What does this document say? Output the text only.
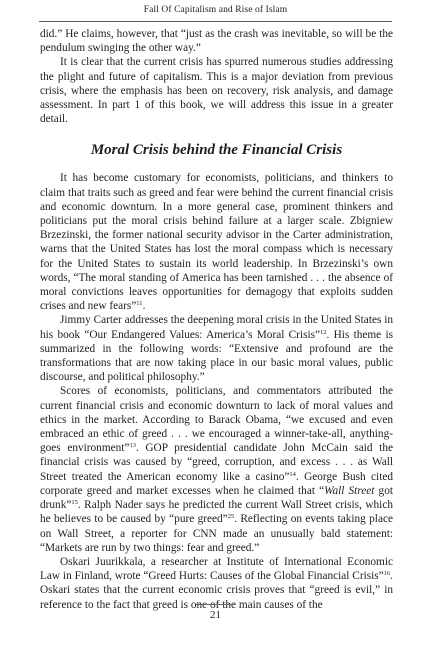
Fall Of Capitalism and Rise of Islam

did.” He claims, however, that “just as the crash was inevitable, so will be the pendulum swinging the other way.”

It is clear that the current crisis has spurred numerous studies addressing the plight and future of capitalism. This is a major deviation from previous crisis, where the emphasis has been on recovery, risk analysis, and damage assessment. In part 1 of this book, we will address this issue in a greater detail.

Moral Crisis behind the Financial Crisis

It has become customary for economists, politicians, and thinkers to claim that traits such as greed and fear were behind the current financial crisis and economic downturn. In a more general case, prominent thinkers and politicians put the moral crisis behind failure at a larger scale. Zbigniew Brzezinski, the former national security advisor in the Carter administration, warns that the United States has lost the moral compass which is necessary for the United States to sustain its world leadership. In Brzezinski’s own words, “The moral standing of America has been tarnished . . . the absence of moral convictions leaves opportunities for demagogy that exploits sudden crises and new fears”$^{11}$.

Jimmy Carter addresses the deepening moral crisis in the United States in his book “Our Endangered Values: America’s Moral Crisis”$^{12}$. His theme is summarized in the following words: “Extensive and profound are the transformations that are now taking place in our basic moral values, public discourse, and political philosophy.”

Scores of economists, politicians, and commentators attributed the current financial crisis and economic downturn to lack of moral values and ethics in the market. According to Barack Obama, “we excused and even embraced an ethic of greed . . . we encouraged a winner-take-all, anything-goes environment”$^{13}$. GOP presidential candidate John McCain said the financial crisis was caused by “greed, corruption, and excess . . . as Wall Street treated the American economy like a casino”$^{14}$. George Bush cited corporate greed and market excesses when he claimed that “Wall Street got drunk”$^{15}$. Ralph Nader says he predicted the current Wall Street crisis, which he believes to be caused by “pure greed”$^{25}$. Reflecting on events taking place on Wall Street, a reporter for CNN made an unusually bald statement: “Markets are run by two things: fear and greed.”

Oskari Juurikkala, a researcher at Institute of International Economic Law in Finland, wrote “Greed Hurts: Causes of the Global Financial Crisis”$^{16}$. Oskari states that the current economic crisis proves that “greed is evil,” in reference to the fact that greed is one of the main causes of the

21
